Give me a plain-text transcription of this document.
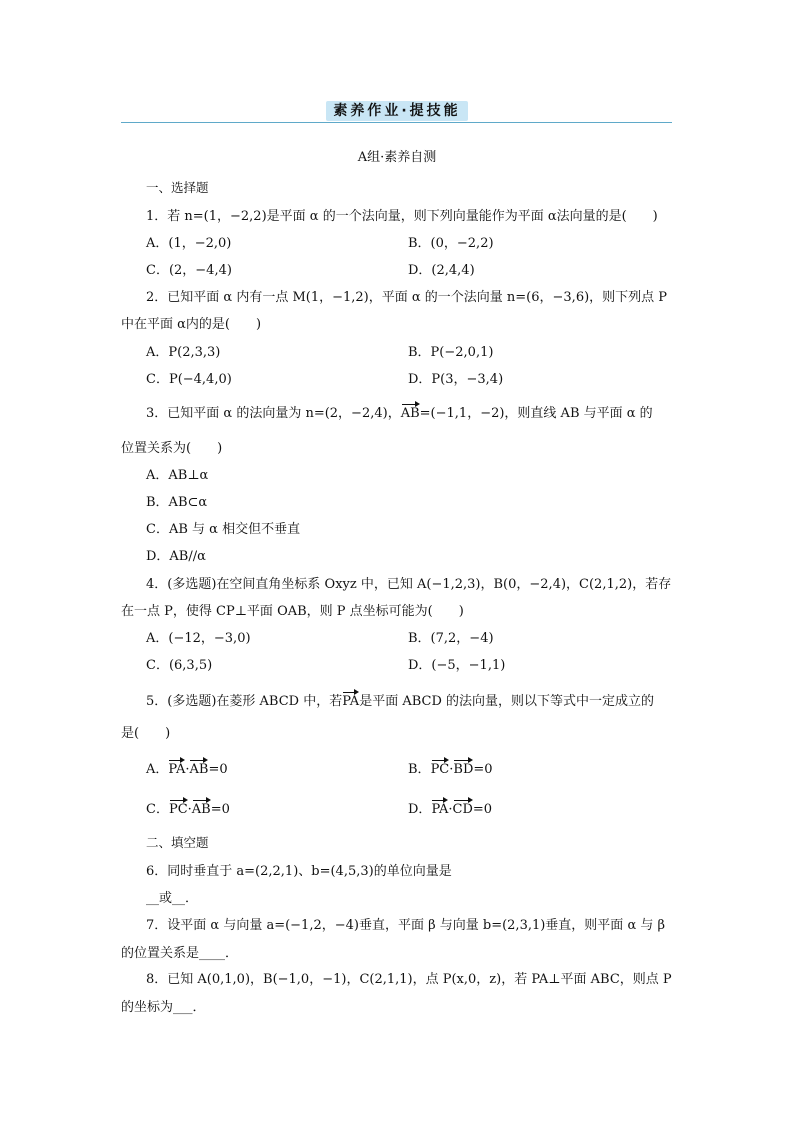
素养作业·提技能
A组·素养自测
一、选择题
1．若 n=(1，−2,2)是平面 α 的一个法向量，则下列向量能作为平面 α法向量的是(　　)
A．(1，−2,0)	B．(0，−2,2)
C．(2，−4,4)	D．(2,4,4)
2．已知平面 α 内有一点 M(1，−1,2)，平面 α 的一个法向量 n=(6，−3,6)，则下列点 P
中在平面 α内的是(　　)
A．P(2,3,3)	B．P(−2,0,1)
C．P(−4,4,0)	D．P(3，−3,4)
3．已知平面 α 的法向量为 n=(2，−2,4)，AB=(−1,1，−2)，则直线 AB 与平面 α 的
位置关系为(　　)
A．AB⊥α
B．AB⊂α
C．AB 与 α 相交但不垂直
D．AB//α
4．(多选题)在空间直角坐标系 Oxyz 中，已知 A(−1,2,3)，B(0，−2,4)，C(2,1,2)，若存
在一点 P，使得 CP⊥平面 OAB，则 P 点坐标可能为(　　)
A．(−12，−3,0)	B．(7,2，−4)
C．(6,3,5)	D．(−5，−1,1)
5．(多选题)在菱形 ABCD 中，若PA是平面 ABCD 的法向量，则以下等式中一定成立的
是(　　)
A．PA·AB=0	B．PC·BD=0
C．PC·AB=0	D．PA·CD=0
二、填空题
6．同时垂直于 a=(2,2,1)、b=(4,5,3)的单位向量是
__或__．
7．设平面 α 与向量 a=(−1,2，−4)垂直，平面 β 与向量 b=(2,3,1)垂直，则平面 α 与 β
的位置关系是____．
8．已知 A(0,1,0)，B(−1,0，−1)，C(2,1,1)，点 P(x,0，z)，若 PA⊥平面 ABC，则点 P
的坐标为___．
